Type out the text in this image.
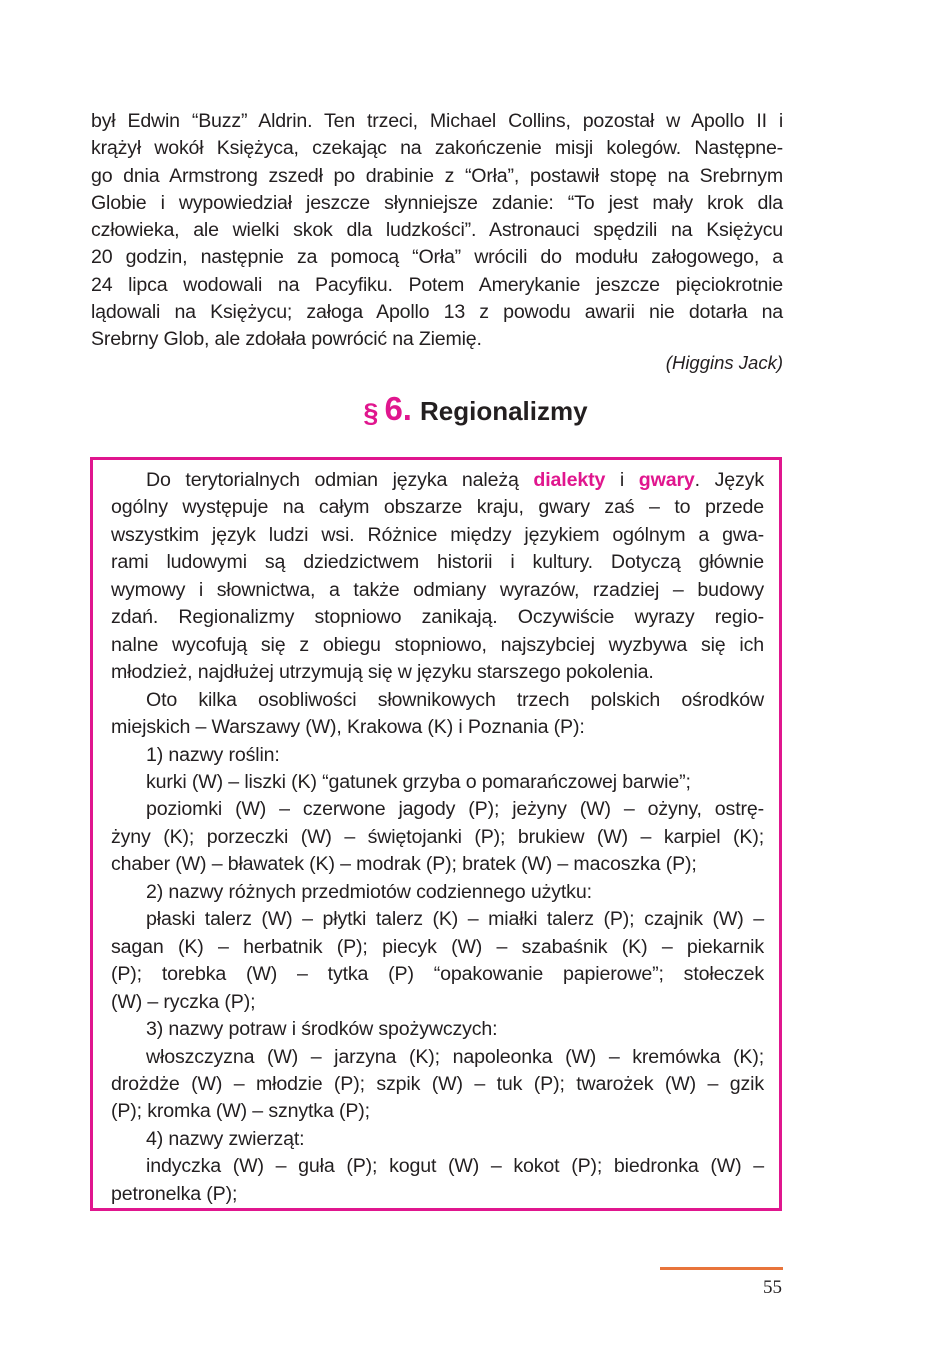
był Edwin “Buzz” Aldrin. Ten trzeci, Michael Collins, pozostał w Apollo II i
krążył wokół Księżyca, czekając na zakończenie misji kolegów. Następne-
go dnia Armstrong zszedł po drabinie z “Orła”, postawił stopę na Srebrnym
Globie i wypowiedział jeszcze słynniejsze zdanie: “To jest mały krok dla
człowieka, ale wielki skok dla ludzkości”. Astronauci spędzili na Księżycu
20 godzin, następnie za pomocą “Orła” wrócili do modułu załogowego, a
24 lipca wodowali na Pacyfiku. Potem Amerykanie jeszcze pięciokrotnie
lądowali na Księżycu; załoga Apollo 13 z powodu awarii nie dotarła na
Srebrny Glob, ale zdołała powrócić na Ziemię.
(Higgins Jack)
§ 6. Regionalizmy
Do terytorialnych odmian języka należą dialekty i gwary. Język
ogólny występuje na całym obszarze kraju, gwary zaś – to przede
wszystkim język ludzi wsi. Różnice między językiem ogólnym a gwa-
rami ludowymi są dziedzictwem historii i kultury. Dotyczą głównie
wymowy i słownictwa, a także odmiany wyrazów, rzadziej – budowy
zdań. Regionalizmy stopniowo zanikają. Oczywiście wyrazy regio-
nalne wycofują się z obiegu stopniowo, najszybciej wyzbywa się ich
młodzież, najdłużej utrzymują się w języku starszego pokolenia.
Oto kilka osobliwości słownikowych trzech polskich ośrodków
miejskich – Warszawy (W), Krakowa (K) i Poznania (P):
1) nazwy roślin:
kurki (W) – liszki (K) “gatunek grzyba o pomarańczowej barwie”;
poziomki (W) – czerwone jagody (P); jeżyny (W) – ożyny, ostrę-
żyny (K); porzeczki (W) – świętojanki (P); brukiew (W) – karpiel (K);
chaber (W) – bławatek (K) – modrak (P); bratek (W) – macoszka (P);
2) nazwy różnych przedmiotów codziennego użytku:
płaski talerz (W) – płytki talerz (K) – miałki talerz (P); czajnik (W) –
sagan (K) – herbatnik (P); piecyk (W) – szabaśnik (K) – piekarnik
(P); torebka (W) – tytka (P) “opakowanie papierowe”; stołeczek
(W) – ryczka (P);
3) nazwy potraw i środków spożywczych:
włoszczyzna (W) – jarzyna (K); napoleonka (W) – kremówka (K);
drożdże (W) – młodzie (P); szpik (W) – tuk (P); twarożek (W) – gzik
(P); kromka (W) – sznytka (P);
4) nazwy zwierząt:
indyczka (W) – guła (P); kogut (W) – kokot (P); biedronka (W) –
petronelka (P);
55
